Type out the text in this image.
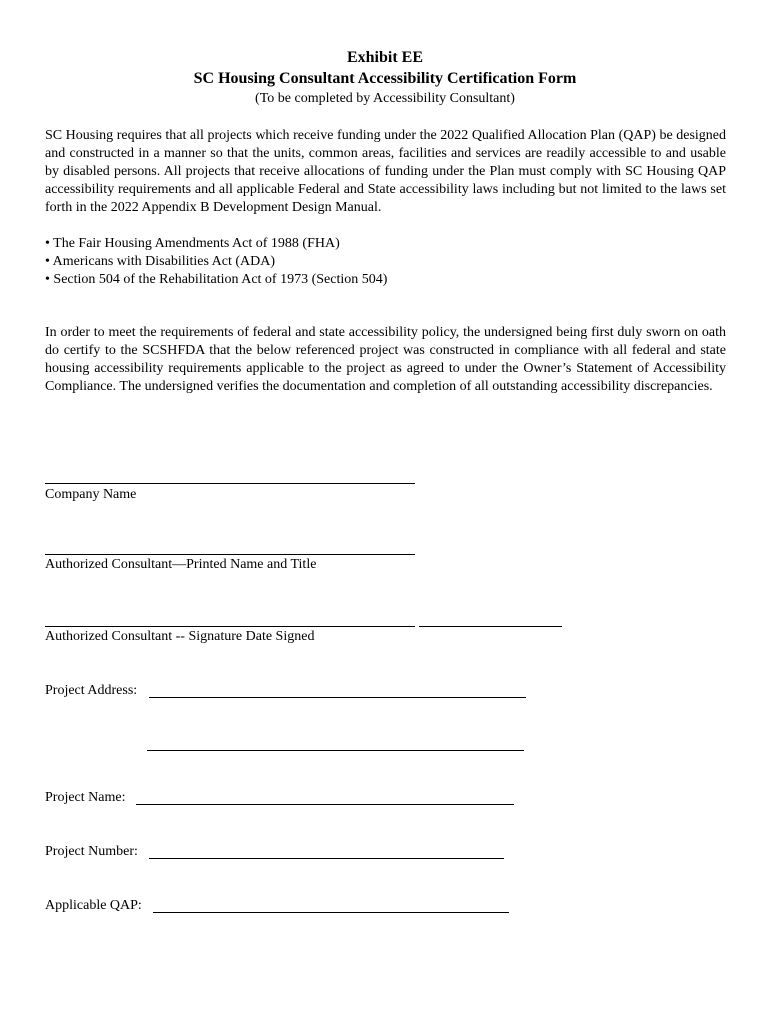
Exhibit EE
SC Housing Consultant Accessibility Certification Form
(To be completed by Accessibility Consultant)
SC Housing requires that all projects which receive funding under the 2022 Qualified Allocation Plan (QAP) be designed and constructed in a manner so that the units, common areas, facilities and services are readily accessible to and usable by disabled persons. All projects that receive allocations of funding under the Plan must comply with SC Housing QAP accessibility requirements and all applicable Federal and State accessibility laws including but not limited to the laws set forth in the 2022 Appendix B Development Design Manual.
• The Fair Housing Amendments Act of 1988 (FHA)
• Americans with Disabilities Act (ADA)
• Section 504 of the Rehabilitation Act of 1973 (Section 504)
In order to meet the requirements of federal and state accessibility policy, the undersigned being first duly sworn on oath do certify to the SCSHFDA that the below referenced project was constructed in compliance with all federal and state housing accessibility requirements applicable to the project as agreed to under the Owner’s Statement of Accessibility Compliance. The undersigned verifies the documentation and completion of all outstanding accessibility discrepancies.
Company Name
Authorized Consultant—Printed Name and Title
Authorized Consultant -- Signature Date Signed
Project Address:
Project Name:
Project Number:
Applicable QAP:
